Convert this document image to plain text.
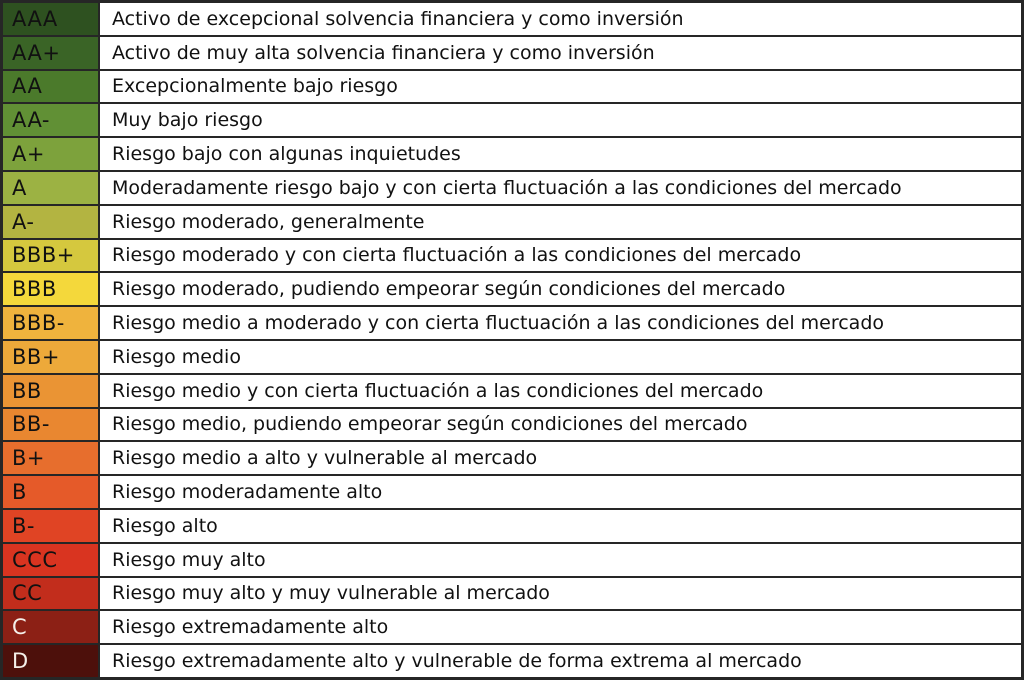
AAA	Activo de excepcional solvencia financiera y como inversión
AA+	Activo de muy alta solvencia financiera y como inversión
AA	Excepcionalmente bajo riesgo
AA-	Muy bajo riesgo
A+	Riesgo bajo con algunas inquietudes
A	Moderadamente riesgo bajo y con cierta fluctuación a las condiciones del mercado
A-	Riesgo moderado, generalmente
BBB+	Riesgo moderado y con cierta fluctuación a las condiciones del mercado
BBB	Riesgo moderado, pudiendo empeorar según condiciones del mercado
BBB-	Riesgo medio a moderado y con cierta fluctuación a las condiciones del mercado
BB+	Riesgo medio
BB	Riesgo medio y con cierta fluctuación a las condiciones del mercado
BB-	Riesgo medio, pudiendo empeorar según condiciones del mercado
B+	Riesgo medio a alto y vulnerable al mercado
B	Riesgo moderadamente alto
B-	Riesgo alto
CCC	Riesgo muy alto
CC	Riesgo muy alto y muy vulnerable al mercado
C	Riesgo extremadamente alto
D	Riesgo extremadamente alto y vulnerable de forma extrema al mercado
